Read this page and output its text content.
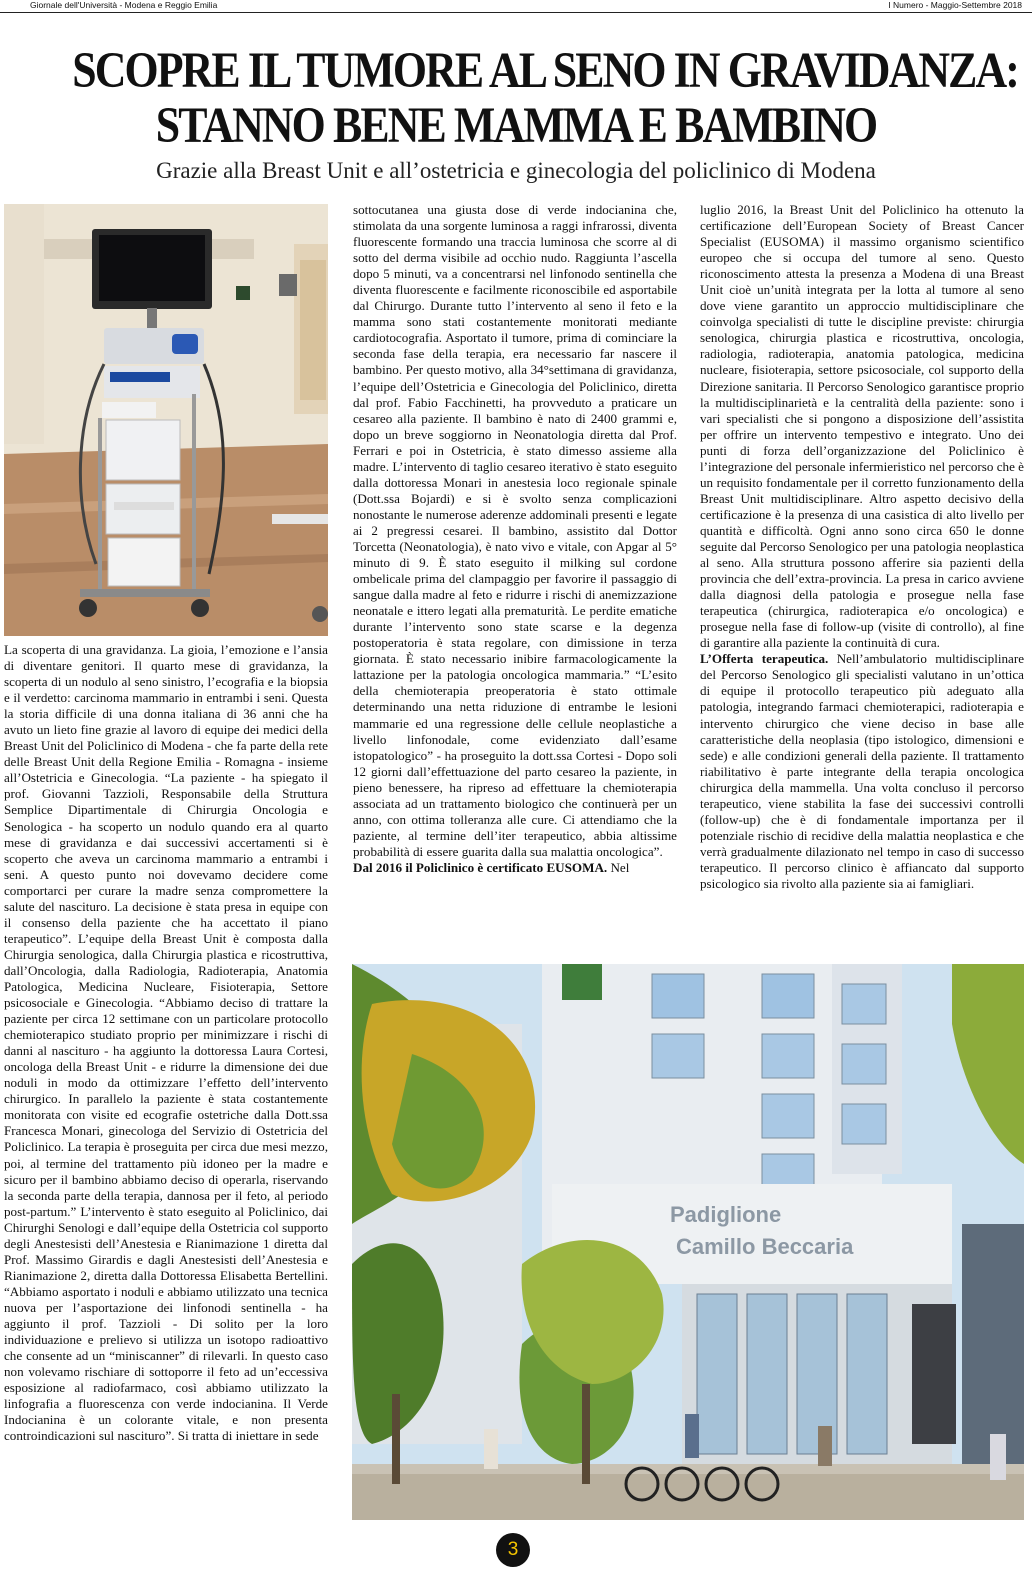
Giornale dell'Università - Modena e Reggio Emilia	I Numero - Maggio-Settembre 2018
SCOPRE IL TUMORE AL SENO IN GRAVIDANZA:
STANNO BENE MAMMA E BAMBINO
Grazie alla Breast Unit e all’ostetricia e ginecologia del policlinico di Modena

La scoperta di una gravidanza. La gioia, l’emozione e l’ansia di diventare genitori. Il quarto mese di gravidanza, la scoperta di un nodulo al seno sinistro, l’ecografia e la biopsia e il verdetto: carcinoma mammario in entrambi i seni. Questa la storia difficile di una donna italiana di 36 anni che ha avuto un lieto fine grazie al lavoro di equipe dei medici della Breast Unit del Policlinico di Modena - che fa parte della rete delle Breast Unit della Regione Emilia - Romagna - insieme all’Ostetricia e Ginecologia. “La paziente - ha spiegato il prof. Giovanni Tazzioli, Responsabile della Struttura Semplice Dipartimentale di Chirurgia Oncologia e Senologica - ha scoperto un nodulo quando era al quarto mese di gravidanza e dai successivi accertamenti si è scoperto che aveva un carcinoma mammario a entrambi i seni. A questo punto noi dovevamo decidere come comportarci per curare la madre senza compromettere la salute del nascituro. La decisione è stata presa in equipe con il consenso della paziente che ha accettato il piano terapeutico”. L’equipe della Breast Unit è composta dalla Chirurgia senologica, dalla Chirurgia plastica e ricostruttiva, dall’Oncologia, dalla Radiologia, Radioterapia, Anatomia Patologica, Medicina Nucleare, Fisioterapia, Settore psicosociale e Ginecologia. “Abbiamo deciso di trattare la paziente per circa 12 settimane con un particolare protocollo chemioterapico studiato proprio per minimizzare i rischi di danni al nascituro - ha aggiunto la dottoressa Laura Cortesi, oncologa della Breast Unit - e ridurre la dimensione dei due noduli in modo da ottimizzare l’effetto dell’intervento chirurgico. In parallelo la paziente è stata costantemente monitorata con visite ed ecografie ostetriche dalla Dott.ssa Francesca Monari, ginecologa del Servizio di Ostetricia del Policlinico. La terapia è proseguita per circa due mesi mezzo, poi, al termine del trattamento più idoneo per la madre e sicuro per il bambino abbiamo deciso di operarla, riservando la seconda parte della terapia, dannosa per il feto, al periodo post-partum.” L’intervento è stato eseguito al Policlinico, dai Chirurghi Senologi e dall’equipe della Ostetricia col supporto degli Anestesisti dell’Anestesia e Rianimazione 1 diretta dal Prof. Massimo Girardis e dagli Anestesisti dell’Anestesia e Rianimazione 2, diretta dalla Dottoressa Elisabetta Bertellini. “Abbiamo asportato i noduli e abbiamo utilizzato una tecnica nuova per l’asportazione dei linfonodi sentinella - ha aggiunto il prof. Tazzioli - Di solito per la loro individuazione e prelievo si utilizza un isotopo radioattivo che consente ad un “miniscanner” di rilevarli. In questo caso non volevamo rischiare di sottoporre il feto ad un’eccessiva esposizione al radiofarmaco, così abbiamo utilizzato la linfografia a fluorescenza con verde indocianina. Il Verde Indocianina è un colorante vitale, e non presenta controindicazioni sul nascituro”. Si tratta di iniettare in sede

sottocutanea una giusta dose di verde indocianina che, stimolata da una sorgente luminosa a raggi infrarossi, diventa fluorescente formando una traccia luminosa che scorre al di sotto del derma visibile ad occhio nudo. Raggiunta l’ascella dopo 5 minuti, va a concentrarsi nel linfonodo sentinella che diventa fluorescente e facilmente riconoscibile ed asportabile dal Chirurgo. Durante tutto l’intervento al seno il feto e la mamma sono stati costantemente monitorati mediante cardiotocografia. Asportato il tumore, prima di cominciare la seconda fase della terapia, era necessario far nascere il bambino. Per questo motivo, alla 34°settimana di gravidanza, l’equipe dell’Ostetricia e Ginecologia del Policlinico, diretta dal prof. Fabio Facchinetti, ha provveduto a praticare un cesareo alla paziente. Il bambino è nato di 2400 grammi e, dopo un breve soggiorno in Neonatologia diretta dal Prof. Ferrari e poi in Ostetricia, è stato dimesso assieme alla madre. L’intervento di taglio cesareo iterativo è stato eseguito dalla dottoressa Monari in anestesia loco regionale spinale (Dott.ssa Bojardi) e si è svolto senza complicazioni nonostante le numerose aderenze addominali presenti e legate ai 2 pregressi cesarei. Il bambino, assistito dal Dottor Torcetta (Neonatologia), è nato vivo e vitale, con Apgar al 5° minuto di 9. È stato eseguito il milking sul cordone ombelicale prima del clampaggio per favorire il passaggio di sangue dalla madre al feto e ridurre i rischi di anemizzazione neonatale e ittero legati alla prematurità. Le perdite ematiche durante l’intervento sono state scarse e la degenza postoperatoria è stata regolare, con dimissione in terza giornata. È stato necessario inibire farmacologicamente la lattazione per la patologia oncologica mammaria.” “L’esito della chemioterapia preoperatoria è stato ottimale determinando una netta riduzione di entrambe le lesioni mammarie ed una regressione delle cellule neoplastiche a livello linfonodale, come evidenziato dall’esame istopatologico” - ha proseguito la dott.ssa Cortesi - Dopo soli 12 giorni dall’effettuazione del parto cesareo la paziente, in pieno benessere, ha ripreso ad effettuare la chemioterapia associata ad un trattamento biologico che continuerà per un anno, con ottima tolleranza alle cure. Ci attendiamo che la paziente, al termine dell’iter terapeutico, abbia altissime probabilità di essere guarita dalla sua malattia oncologica”.

Dal 2016 il Policlinico è certificato EUSOMA. Nel

luglio 2016, la Breast Unit del Policlinico ha ottenuto la certificazione dell’European Society of Breast Cancer Specialist (EUSOMA) il massimo organismo scientifico europeo che si occupa del tumore al seno. Questo riconoscimento attesta la presenza a Modena di una Breast Unit cioè un’unità integrata per la lotta al tumore al seno dove viene garantito un approccio multidisciplinare che coinvolga specialisti di tutte le discipline previste: chirurgia senologica, chirurgia plastica e ricostruttiva, oncologia, radiologia, radioterapia, anatomia patologica, medicina nucleare, fisioterapia, settore psicosociale, col supporto della Direzione sanitaria. Il Percorso Senologico garantisce proprio la multidisciplinarietà e la centralità della paziente: sono i vari specialisti che si pongono a disposizione dell’assistita per offrire un intervento tempestivo e integrato. Uno dei punti di forza dell’organizzazione del Policlinico è l’integrazione del personale infermieristico nel percorso che è un requisito fondamentale per il corretto funzionamento della Breast Unit multidisciplinare. Altro aspetto decisivo della certificazione è la presenza di una casistica di alto livello per quantità e difficoltà. Ogni anno sono circa 650 le donne seguite dal Percorso Senologico per una patologia neoplastica al seno. Alla struttura possono afferire sia pazienti della provincia che dell’extra-provincia. La presa in carico avviene dalla diagnosi della patologia e prosegue nella fase terapeutica (chirurgica, radioterapica e/o oncologica) e prosegue nella fase di follow-up (visite di controllo), al fine di garantire alla paziente la continuità di cura.

L’Offerta terapeutica. Nell’ambulatorio multidisciplinare del Percorso Senologico gli specialisti valutano in un’ottica di equipe il protocollo terapeutico più adeguato alla patologia, integrando farmaci chemioterapici, radioterapia e intervento chirurgico che viene deciso in base alle caratteristiche della neoplasia (tipo istologico, dimensioni e sede) e alle condizioni generali della paziente. Il trattamento riabilitativo è parte integrante della terapia oncologica chirurgica della mammella. Una volta concluso il percorso terapeutico, viene stabilita la fase dei successivi controlli (follow-up) che è di fondamentale importanza per il potenziale rischio di recidive della malattia neoplastica e che verrà gradualmente dilazionato nel tempo in caso di successo terapeutico. Il percorso clinico è affiancato dal supporto psicologico sia rivolto alla paziente sia ai famigliari.

Padiglione
Camillo Beccaria
3
